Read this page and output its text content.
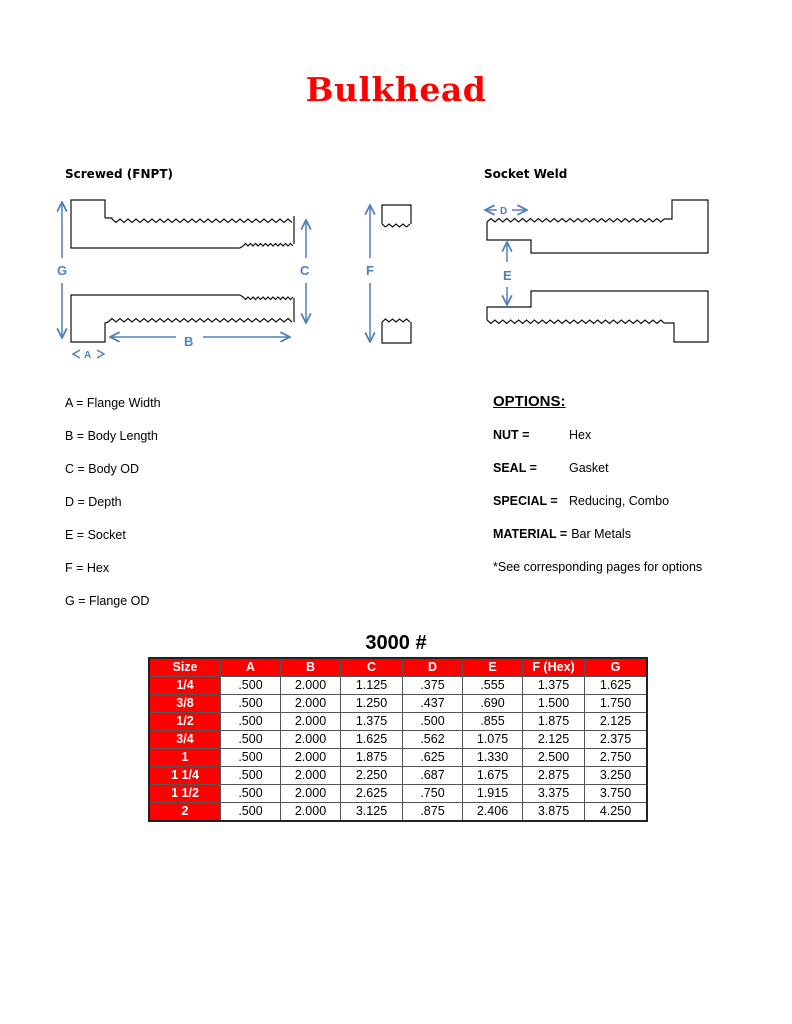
Bulkhead
Screwed (FNPT)	Socket Weld
G	C
B
A
F
D
E
A = Flange Width
B = Body Length
C = Body OD
D = Depth
E = Socket
F = Hex
G = Flange OD
OPTIONS:
NUT =	Hex
SEAL =	Gasket
SPECIAL = Reducing, Combo
MATERIAL = Bar Metals
*See corresponding pages for options
3000 #
Size	A	B	C	D	E	F (Hex)	G
1/4	.500	2.000	1.125	.375	.555	1.375	1.625
3/8	.500	2.000	1.250	.437	.690	1.500	1.750
1/2	.500	2.000	1.375	.500	.855	1.875	2.125
3/4	.500	2.000	1.625	.562	1.075	2.125	2.375
1	.500	2.000	1.875	.625	1.330	2.500	2.750
1 1/4	.500	2.000	2.250	.687	1.675	2.875	3.250
1 1/2	.500	2.000	2.625	.750	1.915	3.375	3.750
2	.500	2.000	3.125	.875	2.406	3.875	4.250
